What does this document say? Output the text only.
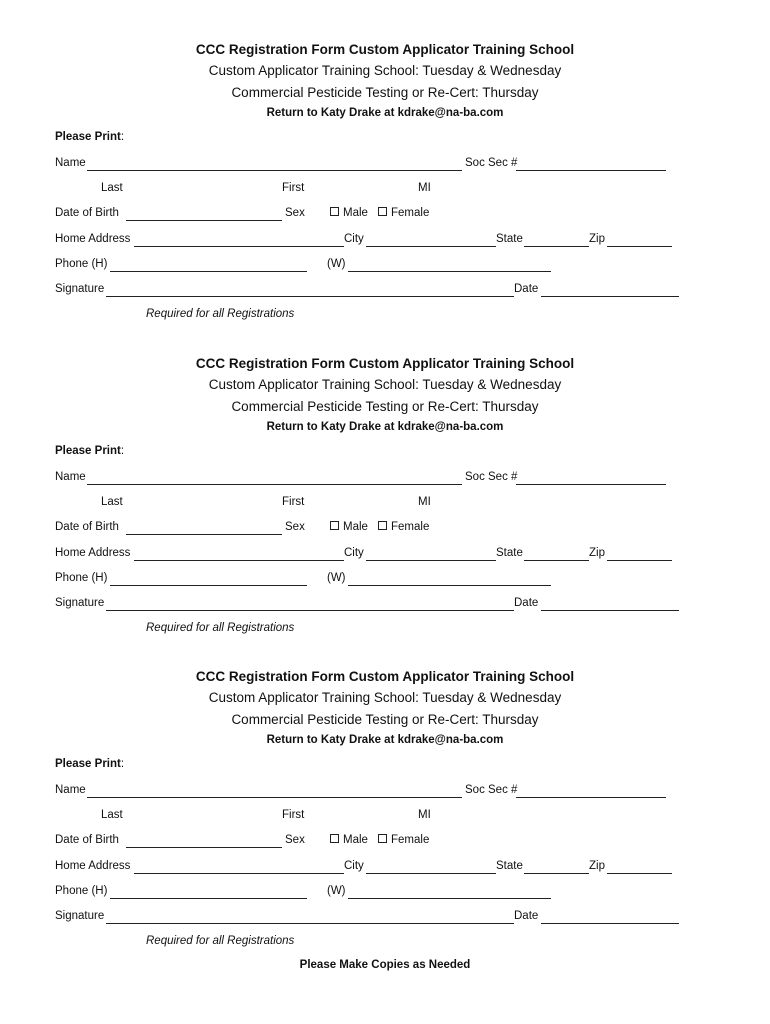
CCC Registration Form Custom Applicator Training School
Custom Applicator Training School: Tuesday & Wednesday
Commercial Pesticide Testing or Re-Cert: Thursday
Return to Katy Drake at kdrake@na-ba.com
Please Print:
Name	Soc Sec #
Last	First	MI
Date of Birth	Sex	Male	Female
Home Address	City	State	Zip
Phone (H)	(W)
Signature	Date
Required for all Registrations
CCC Registration Form Custom Applicator Training School
Custom Applicator Training School: Tuesday & Wednesday
Commercial Pesticide Testing or Re-Cert: Thursday
Return to Katy Drake at kdrake@na-ba.com
Please Print:
Name	Soc Sec #
Last	First	MI
Date of Birth	Sex	Male	Female
Home Address	City	State	Zip
Phone (H)	(W)
Signature	Date
Required for all Registrations
CCC Registration Form Custom Applicator Training School
Custom Applicator Training School: Tuesday & Wednesday
Commercial Pesticide Testing or Re-Cert: Thursday
Return to Katy Drake at kdrake@na-ba.com
Please Print:
Name	Soc Sec #
Last	First	MI
Date of Birth	Sex	Male	Female
Home Address	City	State	Zip
Phone (H)	(W)
Signature	Date
Required for all Registrations
Please Make Copies as Needed
